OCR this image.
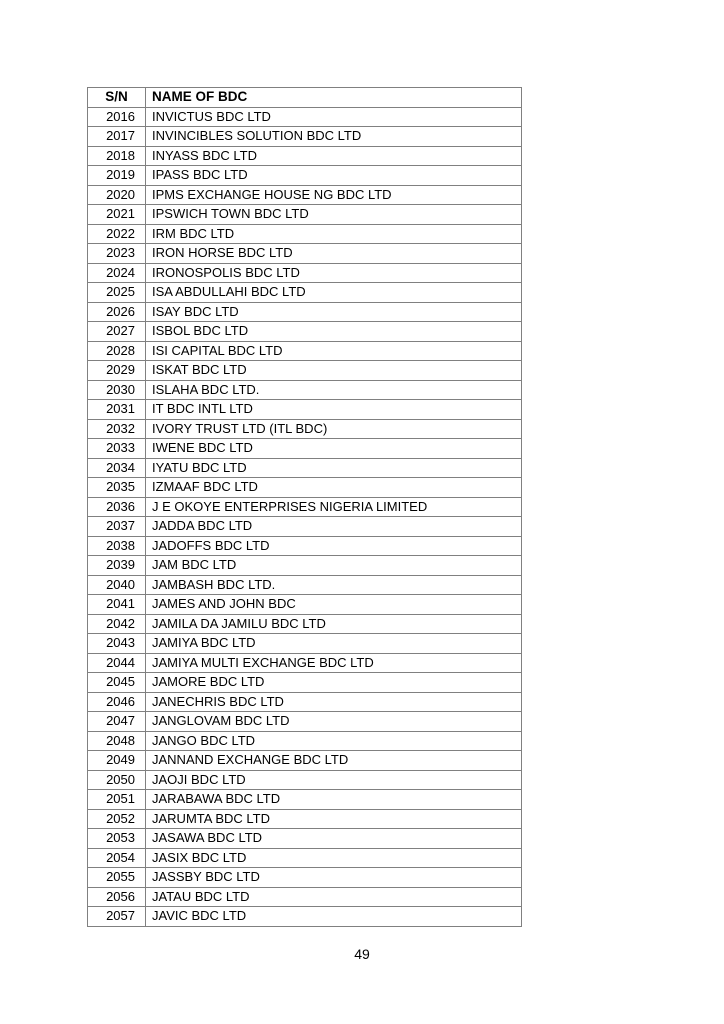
S/N	NAME OF BDC
2016	INVICTUS BDC LTD
2017	INVINCIBLES SOLUTION BDC LTD
2018	INYASS BDC LTD
2019	IPASS BDC LTD
2020	IPMS EXCHANGE HOUSE NG BDC LTD
2021	IPSWICH TOWN BDC LTD
2022	IRM BDC LTD
2023	IRON HORSE BDC LTD
2024	IRONOSPOLIS BDC LTD
2025	ISA ABDULLAHI BDC LTD
2026	ISAY BDC LTD
2027	ISBOL BDC LTD
2028	ISI CAPITAL BDC LTD
2029	ISKAT BDC LTD
2030	ISLAHA BDC LTD.
2031	IT BDC INTL LTD
2032	IVORY TRUST LTD (ITL BDC)
2033	IWENE BDC LTD
2034	IYATU BDC LTD
2035	IZMAAF BDC LTD
2036	J E OKOYE ENTERPRISES NIGERIA LIMITED
2037	JADDA BDC LTD
2038	JADOFFS BDC LTD
2039	JAM BDC LTD
2040	JAMBASH BDC LTD.
2041	JAMES AND JOHN BDC
2042	JAMILA DA JAMILU BDC LTD
2043	JAMIYA BDC LTD
2044	JAMIYA MULTI EXCHANGE BDC LTD
2045	JAMORE BDC LTD
2046	JANECHRIS BDC LTD
2047	JANGLOVAM BDC LTD
2048	JANGO BDC LTD
2049	JANNAND EXCHANGE BDC LTD
2050	JAOJI BDC LTD
2051	JARABAWA BDC LTD
2052	JARUMTA BDC LTD
2053	JASAWA BDC LTD
2054	JASIX BDC LTD
2055	JASSBY BDC LTD
2056	JATAU BDC LTD
2057	JAVIC BDC LTD
49
